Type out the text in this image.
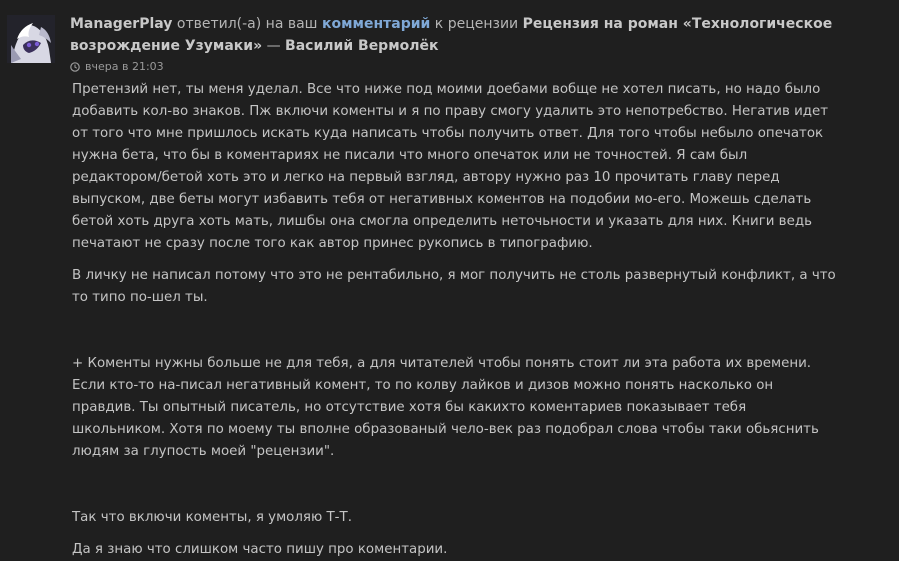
ManagerPlay ответил(-а) на ваш комментарий к рецензии Рецензия на роман «Технологическое возрождение Узумаки» — Василий Вермолёк
вчера в 21:03

Претензий нет, ты меня уделал. Все что ниже под моими доебами вобще не хотел писать, но надо было добавить кол-во знаков. Пж включи коменты и я по праву смогу удалить это непотребство. Негатив идет от того что мне пришлось искать куда написать чтобы получить ответ. Для того чтобы небыло опечаток нужна бета, что бы в коментариях не писали что много опечаток или не точностей. Я сам был редактором/бетой хоть это и легко на первый взгляд, автору нужно раз 10 прочитать главу перед выпуском, две беты могут избавить тебя от негативных коментов на подобии мо-его. Можешь сделать бетой хоть друга хоть мать, лишбы она смогла определить неточьности и указать для них. Книги ведь печатают не сразу после того как автор принес рукопись в типографию.

В личку не написал потому что это не рентабильно, я мог получить не столь развернутый конфликт, а что то типо по-шел ты.

+ Коменты нужны больше не для тебя, а для читателей чтобы понять стоит ли эта работа их времени. Если кто-то на-писал негативный комент, то по колву лайков и дизов можно понять насколько он правдив. Ты опытный писатель, но отсутствие хотя бы какихто коментариев показывает тебя школьником. Хотя по моему ты вполне образованый чело-век раз подобрал слова чтобы таки обьяснить людям за глупость моей "рецензии".

Так что включи коменты, я умоляю Т-Т.

Да я знаю что слишком часто пишу про коментарии.
